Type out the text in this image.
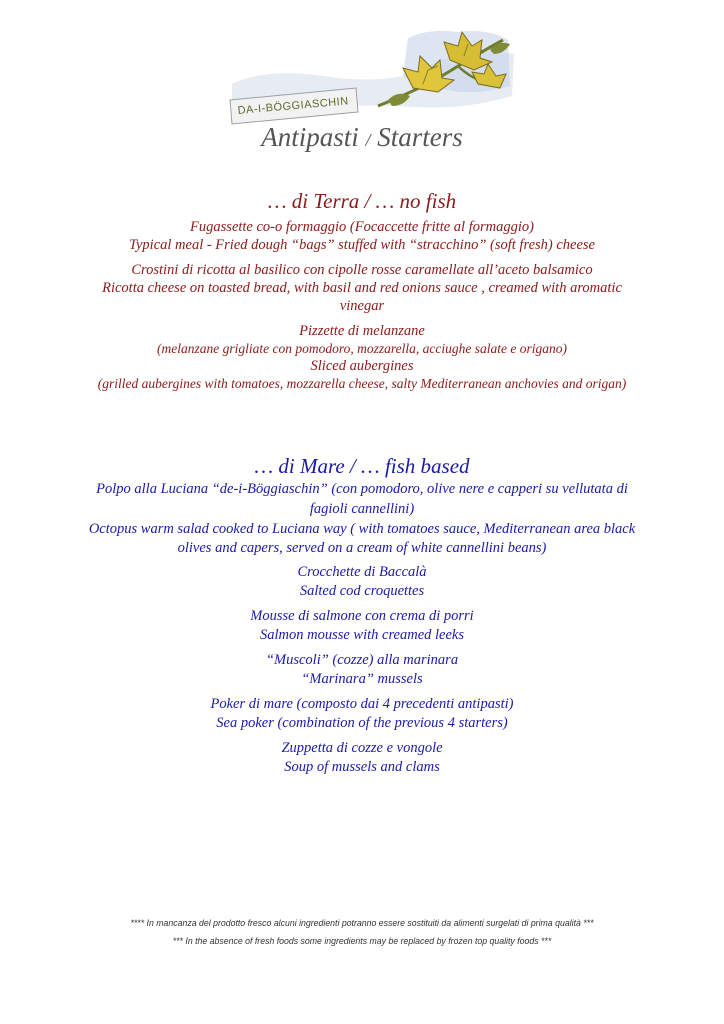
DA-I-BÖGGIASCHIN
Antipasti / Starters
… di Terra / … no fish

Fugassette co-o formaggio (Focaccette fritte al formaggio)

Typical meal - Fried dough “bags” stuffed with “stracchino” (soft fresh) cheese

Crostini di ricotta al basilico con cipolle rosse caramellate all’aceto balsamico

Ricotta cheese on toasted bread, with basil and red onions sauce , creamed with aromatic

vinegar

Pizzette di melanzane

(melanzane grigliate con pomodoro, mozzarella, acciughe salate e origano)

Sliced aubergines

(grilled aubergines with tomatoes, mozzarella cheese, salty Mediterranean anchovies and origan)

… di Mare / … fish based

Polpo alla Luciana “de-i-Böggiaschin” (con pomodoro, olive nere e capperi su vellutata di

fagioli cannellini)

Octopus warm salad cooked to Luciana way ( with tomatoes sauce, Mediterranean area black

olives and capers, served on a cream of white cannellini beans)

Crocchette di Baccalà

Salted cod croquettes

Mousse di salmone con crema di porri

Salmon mousse with creamed leeks

“Muscoli” (cozze) alla marinara

“Marinara” mussels

Poker di mare (composto dai 4 precedenti antipasti)

Sea poker (combination of the previous 4 starters)

Zuppetta di cozze e vongole

Soup of mussels and clams

**** In mancanza del prodotto fresco alcuni ingredienti potranno essere sostituiti da alimenti surgelati di prima qualità ***
*** In the absence of fresh foods some ingredients may be replaced by frozen top quality foods ***
